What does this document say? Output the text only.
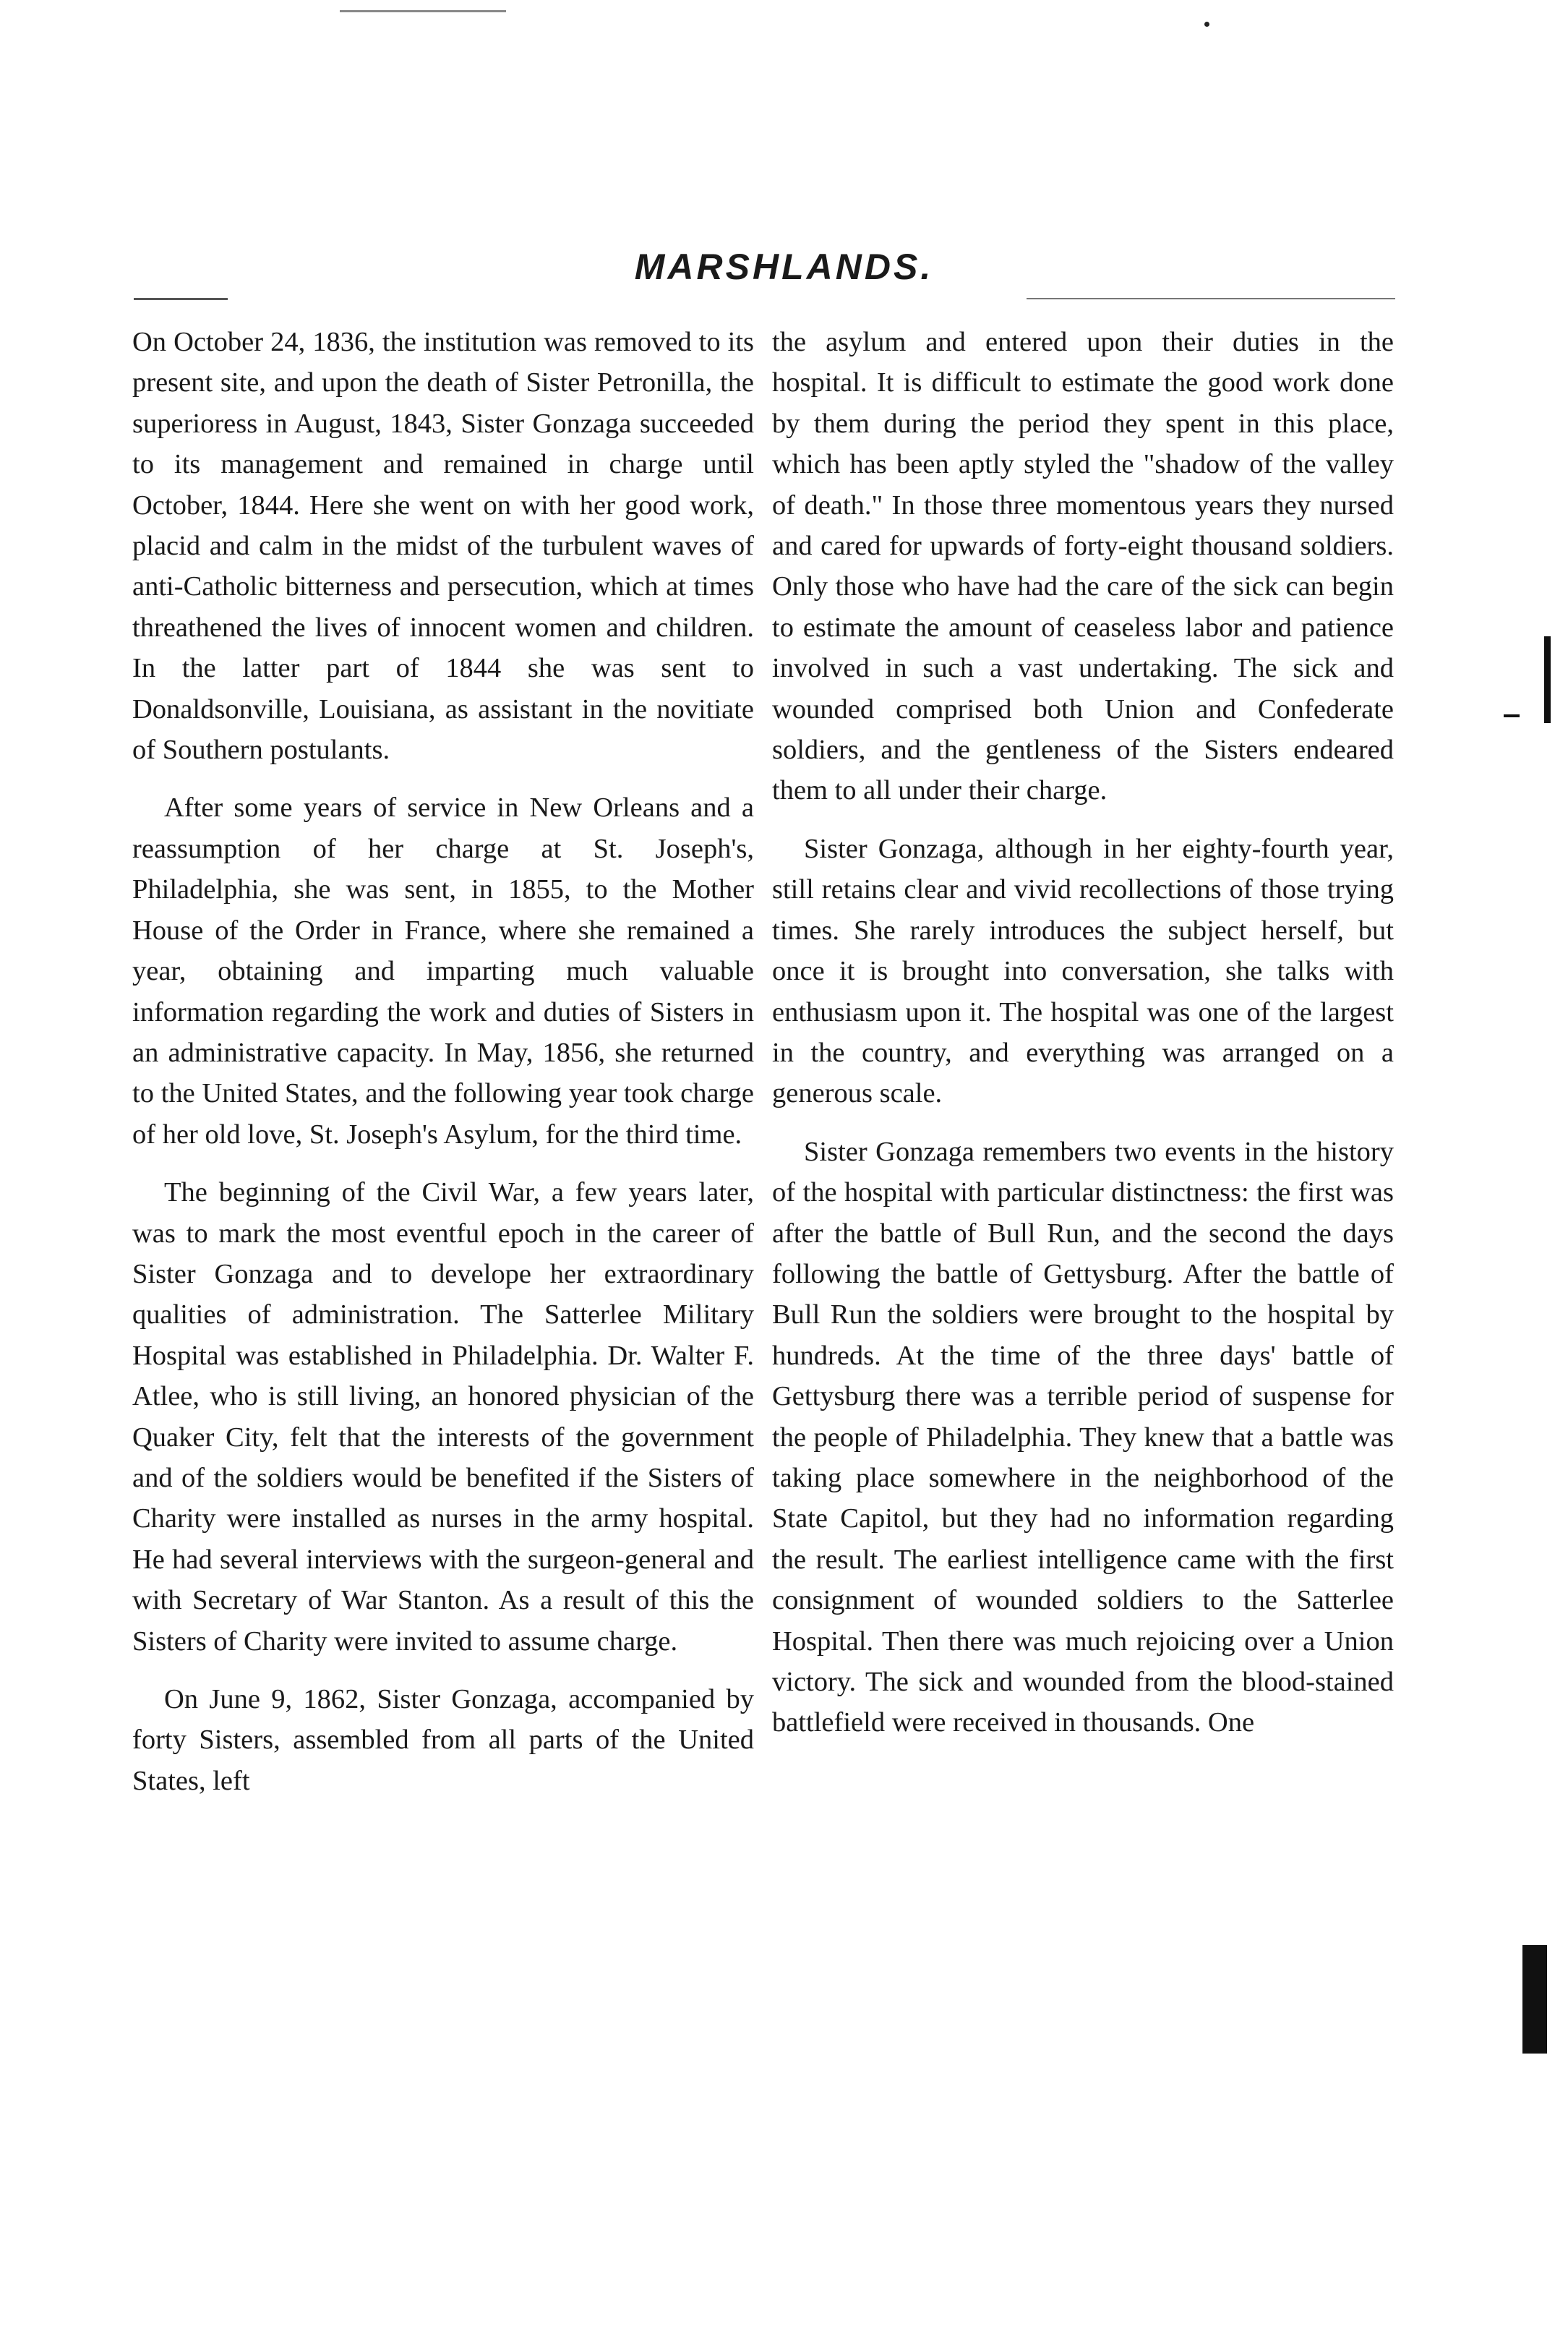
MARSHLANDS.

On October 24, 1836, the institution was removed to its present site, and upon the death of Sister Petronilla, the superioress in August, 1843, Sister Gonzaga succeeded to its management and remained in charge until October, 1844. Here she went on with her good work, placid and calm in the midst of the turbulent waves of anti-Catholic bitterness and persecution, which at times threathened the lives of innocent women and children. In the latter part of 1844 she was sent to Donaldsonville, Louisiana, as assistant in the novitiate of Southern postulants.

After some years of service in New Orleans and a reassumption of her charge at St. Joseph's, Philadelphia, she was sent, in 1855, to the Mother House of the Order in France, where she remained a year, obtaining and imparting much valuable information regarding the work and duties of Sisters in an administrative capacity. In May, 1856, she returned to the United States, and the following year took charge of her old love, St. Joseph's Asylum, for the third time.

The beginning of the Civil War, a few years later, was to mark the most eventful epoch in the career of Sister Gonzaga and to develope her extraordinary qualities of administration. The Satterlee Military Hospital was established in Philadelphia. Dr. Walter F. Atlee, who is still living, an honored physician of the Quaker City, felt that the interests of the government and of the soldiers would be benefited if the Sisters of Charity were installed as nurses in the army hospital. He had several interviews with the surgeon-general and with Secretary of War Stanton. As a result of this the Sisters of Charity were invited to assume charge.

On June 9, 1862, Sister Gonzaga, accompanied by forty Sisters, assembled from all parts of the United States, left

the asylum and entered upon their duties in the hospital. It is difficult to estimate the good work done by them during the period they spent in this place, which has been aptly styled the "shadow of the valley of death." In those three momentous years they nursed and cared for upwards of forty-eight thousand soldiers. Only those who have had the care of the sick can begin to estimate the amount of ceaseless labor and patience involved in such a vast undertaking. The sick and wounded comprised both Union and Confederate soldiers, and the gentleness of the Sisters endeared them to all under their charge.

Sister Gonzaga, although in her eighty-fourth year, still retains clear and vivid recollections of those trying times. She rarely introduces the subject herself, but once it is brought into conversation, she talks with enthusiasm upon it. The hospital was one of the largest in the country, and everything was arranged on a generous scale.

Sister Gonzaga remembers two events in the history of the hospital with particular distinctness: the first was after the battle of Bull Run, and the second the days following the battle of Gettysburg. After the battle of Bull Run the soldiers were brought to the hospital by hundreds. At the time of the three days' battle of Gettysburg there was a terrible period of suspense for the people of Philadelphia. They knew that a battle was taking place somewhere in the neighborhood of the State Capitol, but they had no information regarding the result. The earliest intelligence came with the first consignment of wounded soldiers to the Satterlee Hospital. Then there was much rejoicing over a Union victory. The sick and wounded from the blood-stained battlefield were received in thousands. One
